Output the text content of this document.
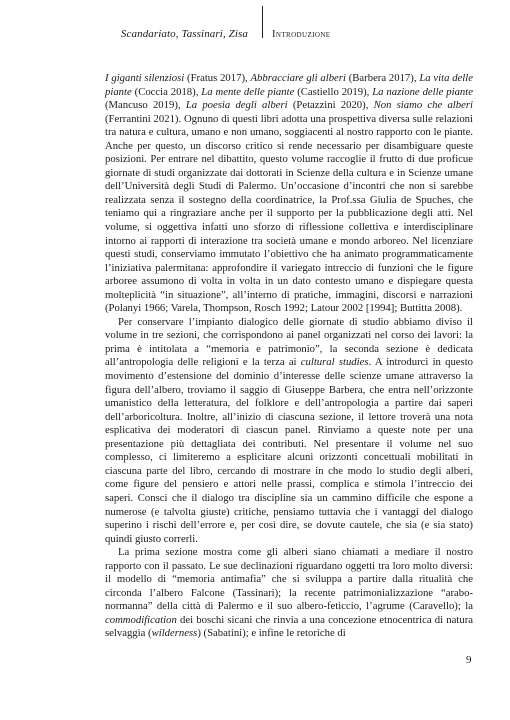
Scandariato, Tassinari, Zisa Introduzione

I giganti silenziosi (Fratus 2017), Abbracciare gli alberi (Barbera 2017), La vita delle piante (Coccia 2018), La mente delle piante (Castiello 2019), La nazione delle piante (Mancuso 2019), La poesia degli alberi (Petazzini 2020), Non siamo che alberi (Ferrantini 2021). Ognuno di questi libri adotta una prospettiva diversa sulle relazioni tra natura e cultura, umano e non umano, soggiacenti al nostro rapporto con le piante. Anche per questo, un discorso critico si rende necessario per disambiguare queste posizioni. Per entrare nel dibattito, questo volume raccoglie il frutto di due proficue giornate di studi organizzate dai dottorati in Scienze della cultura e in Scienze umane dell’Università degli Studi di Palermo. Un’occasione d’incontri che non si sarebbe realizzata senza il sostegno della coordinatrice, la Prof.ssa Giulia de Spuches, che teniamo qui a ringraziare anche per il supporto per la pubblicazione degli atti. Nel volume, si oggettiva infatti uno sforzo di riflessione collettiva e interdisciplinare intorno ai rapporti di interazione tra società umane e mondo arboreo. Nel licenziare questi studi, conserviamo immutato l’obiettivo che ha animato programmaticamente l’iniziativa palermitana: approfondire il variegato intreccio di funzioni che le figure arboree assumono di volta in volta in un dato contesto umano e dispiegare questa molteplicità “in situazione”, all’interno di pratiche, immagini, discorsi e narrazioni (Polanyi 1966; Varela, Thompson, Rosch 1992; Latour 2002 [1994]; Buttitta 2008).

Per conservare l’impianto dialogico delle giornate di studio abbiamo diviso il volume in tre sezioni, che corrispondono ai panel organizzati nel corso dei lavori: la prima è intitolata a “memoria e patrimonio”, la seconda sezione è dedicata all’antropologia delle religioni e la terza ai cultural studies. A introdurci in questo movimento d’estensione del dominio d’interesse delle scienze umane attraverso la figura dell’albero, troviamo il saggio di Giuseppe Barbera, che entra nell’orizzonte umanistico della letteratura, del folklore e dell’antropologia a partire dai saperi dell’arboricoltura. Inoltre, all’inizio di ciascuna sezione, il lettore troverà una nota esplicativa dei moderatori di ciascun panel. Rinviamo a queste note per una presentazione più dettagliata dei contributi. Nel presentare il volume nel suo complesso, ci limiteremo a esplicitare alcuni orizzonti concettuali mobilitati in ciascuna parte del libro, cercando di mostrare in che modo lo studio degli alberi, come figure del pensiero e attori nelle prassi, complica e stimola l’intreccio dei saperi. Consci che il dialogo tra discipline sia un cammino difficile che espone a numerose (e talvolta giuste) critiche, pensiamo tuttavia che i vantaggi del dialogo superino i rischi dell’errore e, per così dire, se dovute cautele, che sia (e sia stato) quindi giusto correrli.

La prima sezione mostra come gli alberi siano chiamati a mediare il nostro rapporto con il passato. Le sue declinazioni riguardano oggetti tra loro molto diversi: il modello di “memoria antimafia” che si sviluppa a partire dalla ritualità che circonda l’albero Falcone (Tassinari); la recente patrimonializzazione “arabo-normanna” della città di Palermo e il suo albero-feticcio, l’agrume (Caravello); la commodification dei boschi sicani che rinvia a una concezione etnocentrica di natura selvaggia (wilderness) (Sabatini); e infine le retoriche di

9
